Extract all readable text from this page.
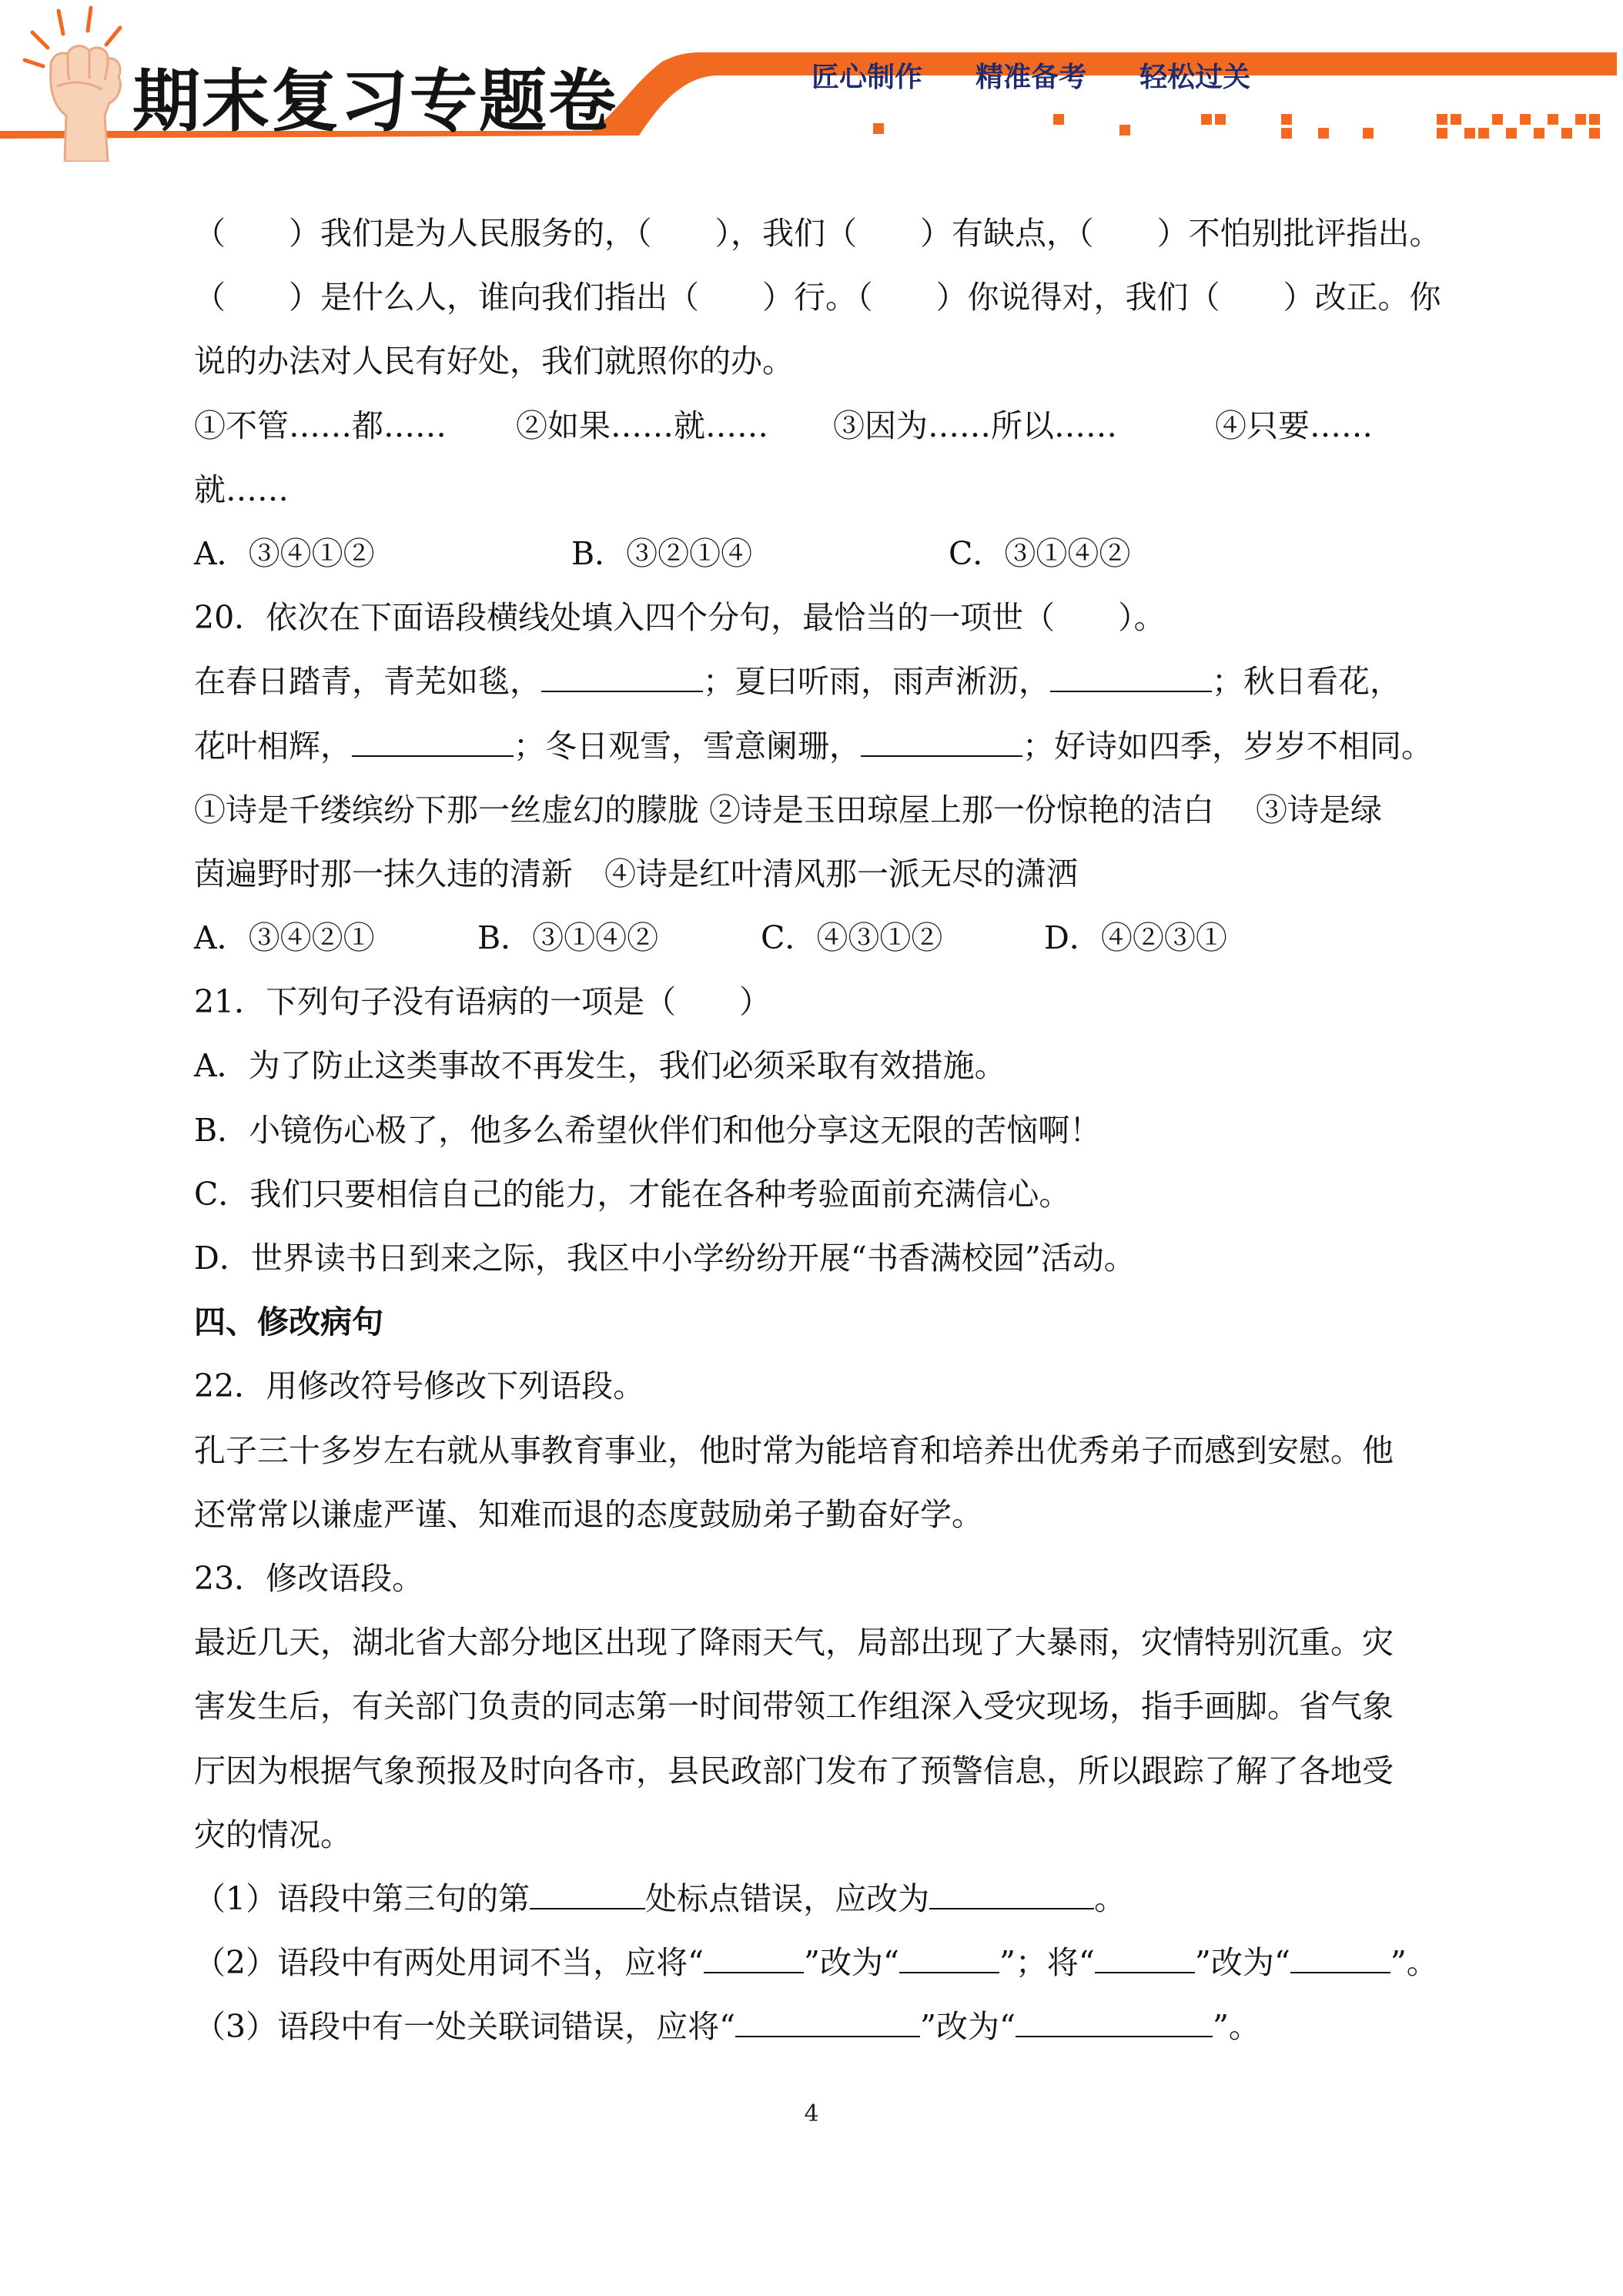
期末复习专题卷	匠心制作  精准备考  轻松过关
（　　）我们是为人民服务的，（　　），我们（　　）有缺点，（　　）不怕别批评指出。
（　　）是什么人，谁向我们指出（　　）行。（　　）你说得对，我们（　　）改正。你
说的办法对人民有好处，我们就照你的办。
①不管……都…… ②如果……就…… ③因为……所以……	④只要……
就……
A．③④①②	B．③②①④	C．③①④②
20．依次在下面语段横线处填入四个分句，最恰当的一项世（　　）。
在春日踏青，青芜如毯，	；夏曰听雨，雨声淅沥，	；秋日看花，
花叶相辉，	；冬日观雪，雪意阑珊，	；好诗如四季，岁岁不相同。
①诗是千缕缤纷下那一丝虚幻的朦胧 ②诗是玉田琼屋上那一份惊艳的洁白　 ③诗是绿
茵遍野时那一抹久违的清新　④诗是红叶清风那一派无尽的潇洒
A．③④②①	B．③①④②	C．④③①②	D．④②③①
21．下列句子没有语病的一项是（　　）
A．为了防止这类事故不再发生，我们必须采取有效措施。
B．小镜伤心极了，他多么希望伙伴们和他分享这无限的苦恼啊！
C．我们只要相信自己的能力，才能在各种考验面前充满信心。
D．世界读书日到来之际，我区中小学纷纷开展“书香满校园”活动。
四、修改病句
22．用修改符号修改下列语段。
孔子三十多岁左右就从事教育事业，他时常为能培育和培养出优秀弟子而感到安慰。他
还常常以谦虚严谨、知难而退的态度鼓励弟子勤奋好学。
23．修改语段。
最近几天，湖北省大部分地区出现了降雨天气，局部出现了大暴雨，灾情特别沉重。灾
害发生后，有关部门负责的同志第一时间带领工作组深入受灾现场，指手画脚。省气象
厅因为根据气象预报及时向各市，县民政部门发布了预警信息，所以跟踪了解了各地受
灾的情况。
（1）语段中第三句的第	处标点错误，应改为	。
（2）语段中有两处用词不当，应将“	”改为“	”；将“	”改为“	”。
（3）语段中有一处关联词错误，应将“	”改为“	”。
4
